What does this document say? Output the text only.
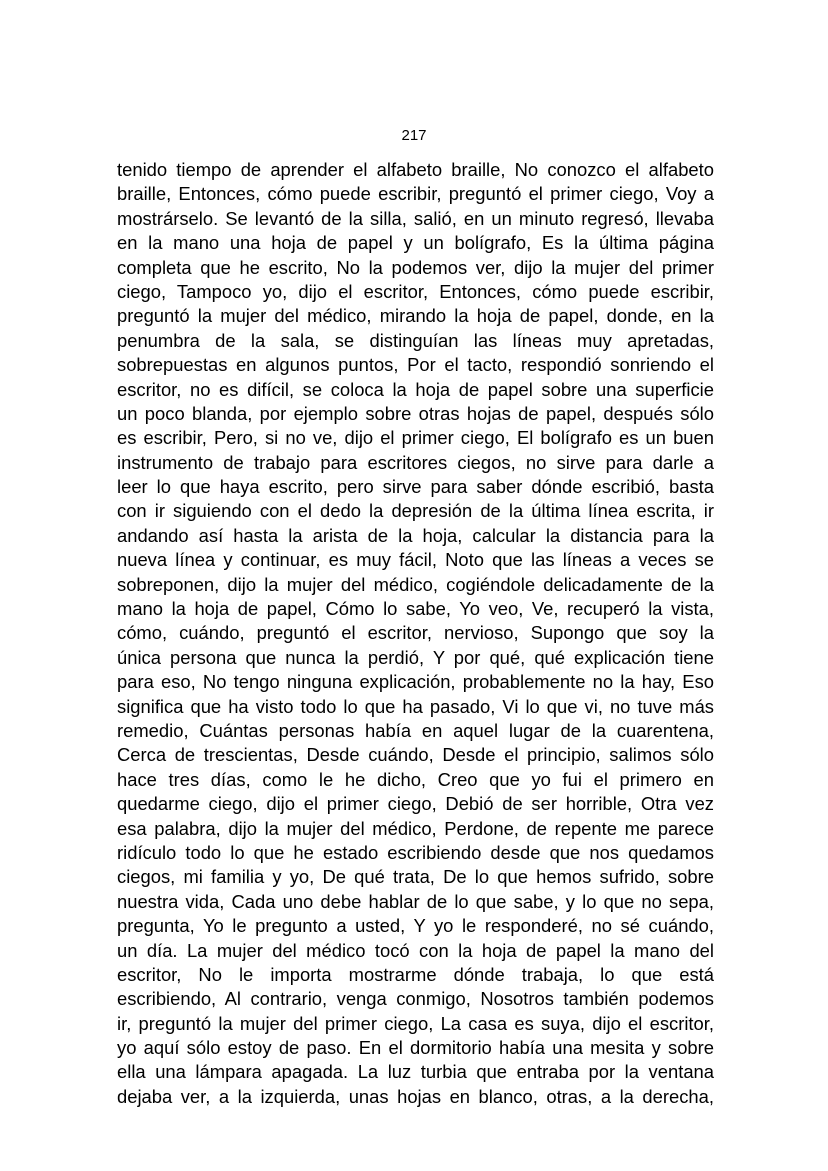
217
tenido tiempo de aprender el alfabeto braille, No conozco el alfabeto
braille, Entonces, cómo puede escribir, preguntó el primer ciego, Voy a
mostrárselo. Se levantó de la silla, salió, en un minuto regresó, llevaba
en la mano una hoja de papel y un bolígrafo, Es la última página
completa que he escrito, No la podemos ver, dijo la mujer del primer
ciego, Tampoco yo, dijo el escritor, Entonces, cómo puede escribir,
preguntó la mujer del médico, mirando la hoja de papel, donde, en la
penumbra de la sala, se distinguían las líneas muy apretadas,
sobrepuestas en algunos puntos, Por el tacto, respondió sonriendo el
escritor, no es difícil, se coloca la hoja de papel sobre una superficie
un poco blanda, por ejemplo sobre otras hojas de papel, después sólo
es escribir, Pero, si no ve, dijo el primer ciego, El bolígrafo es un buen
instrumento de trabajo para escritores ciegos, no sirve para darle a
leer lo que haya escrito, pero sirve para saber dónde escribió, basta
con ir siguiendo con el dedo la depresión de la última línea escrita, ir
andando así hasta la arista de la hoja, calcular la distancia para la
nueva línea y continuar, es muy fácil, Noto que las líneas a veces se
sobreponen, dijo la mujer del médico, cogiéndole delicadamente de la
mano la hoja de papel, Cómo lo sabe, Yo veo, Ve, recuperó la vista,
cómo, cuándo, preguntó el escritor, nervioso, Supongo que soy la
única persona que nunca la perdió, Y por qué, qué explicación tiene
para eso, No tengo ninguna explicación, probablemente no la hay, Eso
significa que ha visto todo lo que ha pasado, Vi lo que vi, no tuve más
remedio, Cuántas personas había en aquel lugar de la cuarentena,
Cerca de trescientas, Desde cuándo, Desde el principio, salimos sólo
hace tres días, como le he dicho, Creo que yo fui el primero en
quedarme ciego, dijo el primer ciego, Debió de ser horrible, Otra vez
esa palabra, dijo la mujer del médico, Perdone, de repente me parece
ridículo todo lo que he estado escribiendo desde que nos quedamos
ciegos, mi familia y yo, De qué trata, De lo que hemos sufrido, sobre
nuestra vida, Cada uno debe hablar de lo que sabe, y lo que no sepa,
pregunta, Yo le pregunto a usted, Y yo le responderé, no sé cuándo,
un día. La mujer del médico tocó con la hoja de papel la mano del
escritor, No le importa mostrarme dónde trabaja, lo que está
escribiendo, Al contrario, venga conmigo, Nosotros también podemos
ir, preguntó la mujer del primer ciego, La casa es suya, dijo el escritor,
yo aquí sólo estoy de paso. En el dormitorio había una mesita y sobre
ella una lámpara apagada. La luz turbia que entraba por la ventana
dejaba ver, a la izquierda, unas hojas en blanco, otras, a la derecha,
